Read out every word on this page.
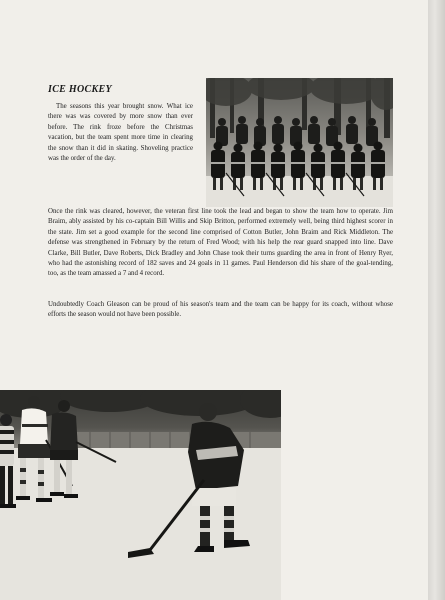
ICE HOCKEY

The seasons this year brought snow. What ice there was was covered by more snow than ever before. The rink froze before the Christmas vacation, but the team spent more time in clearing the snow than it did in skating. Shoveling practice was the order of the day.

Undoubtedly Coach Gleason can be proud of his season's team and the team can be happy for its coach, without whose efforts the season would not have been possible.

Once the rink was cleared, however, the veteran first line took the lead and began to show the team how to operate. Jim Braim, ably assisted by his co-captain Bill Willis and Skip Britton, performed extremely well, being third highest scorer in the state. Jim set a good example for the second line comprised of Cotton Butler, John Braim and Rick Middleton. The defense was strengthened in February by the return of Fred Wood; with his help the rear guard snapped into line. Dave Clarke, Bill Butler, Dave Roberts, Dick Bradley and John Chase took their turns guarding the area in front of Henry Ryer, who had the astonishing record of 182 saves and 24 goals in 11 games. Paul Henderson did his share of the goal-tending, too, as the team amassed a 7 and 4 record.
